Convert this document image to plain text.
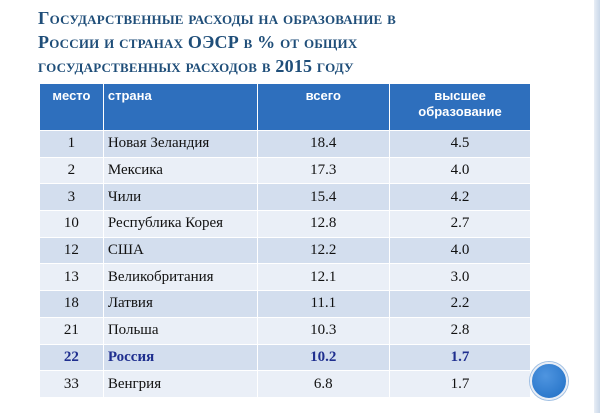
Государственные расходы на образование в
России и странах ОЭСР в % от общих
государственных расходов в 2015 году
место	страна	всего	высшее
образование

1	Новая Зеландия	18.4	4.5
2	Мексика	17.3	4.0
3	Чили	15.4	4.2
10	Республика Корея	12.8	2.7
12	США	12.2	4.0
13	Великобритания	12.1	3.0
18	Латвия	11.1	2.2
21	Польша	10.3	2.8
22	Россия	10.2	1.7
33	Венгрия	6.8	1.7
